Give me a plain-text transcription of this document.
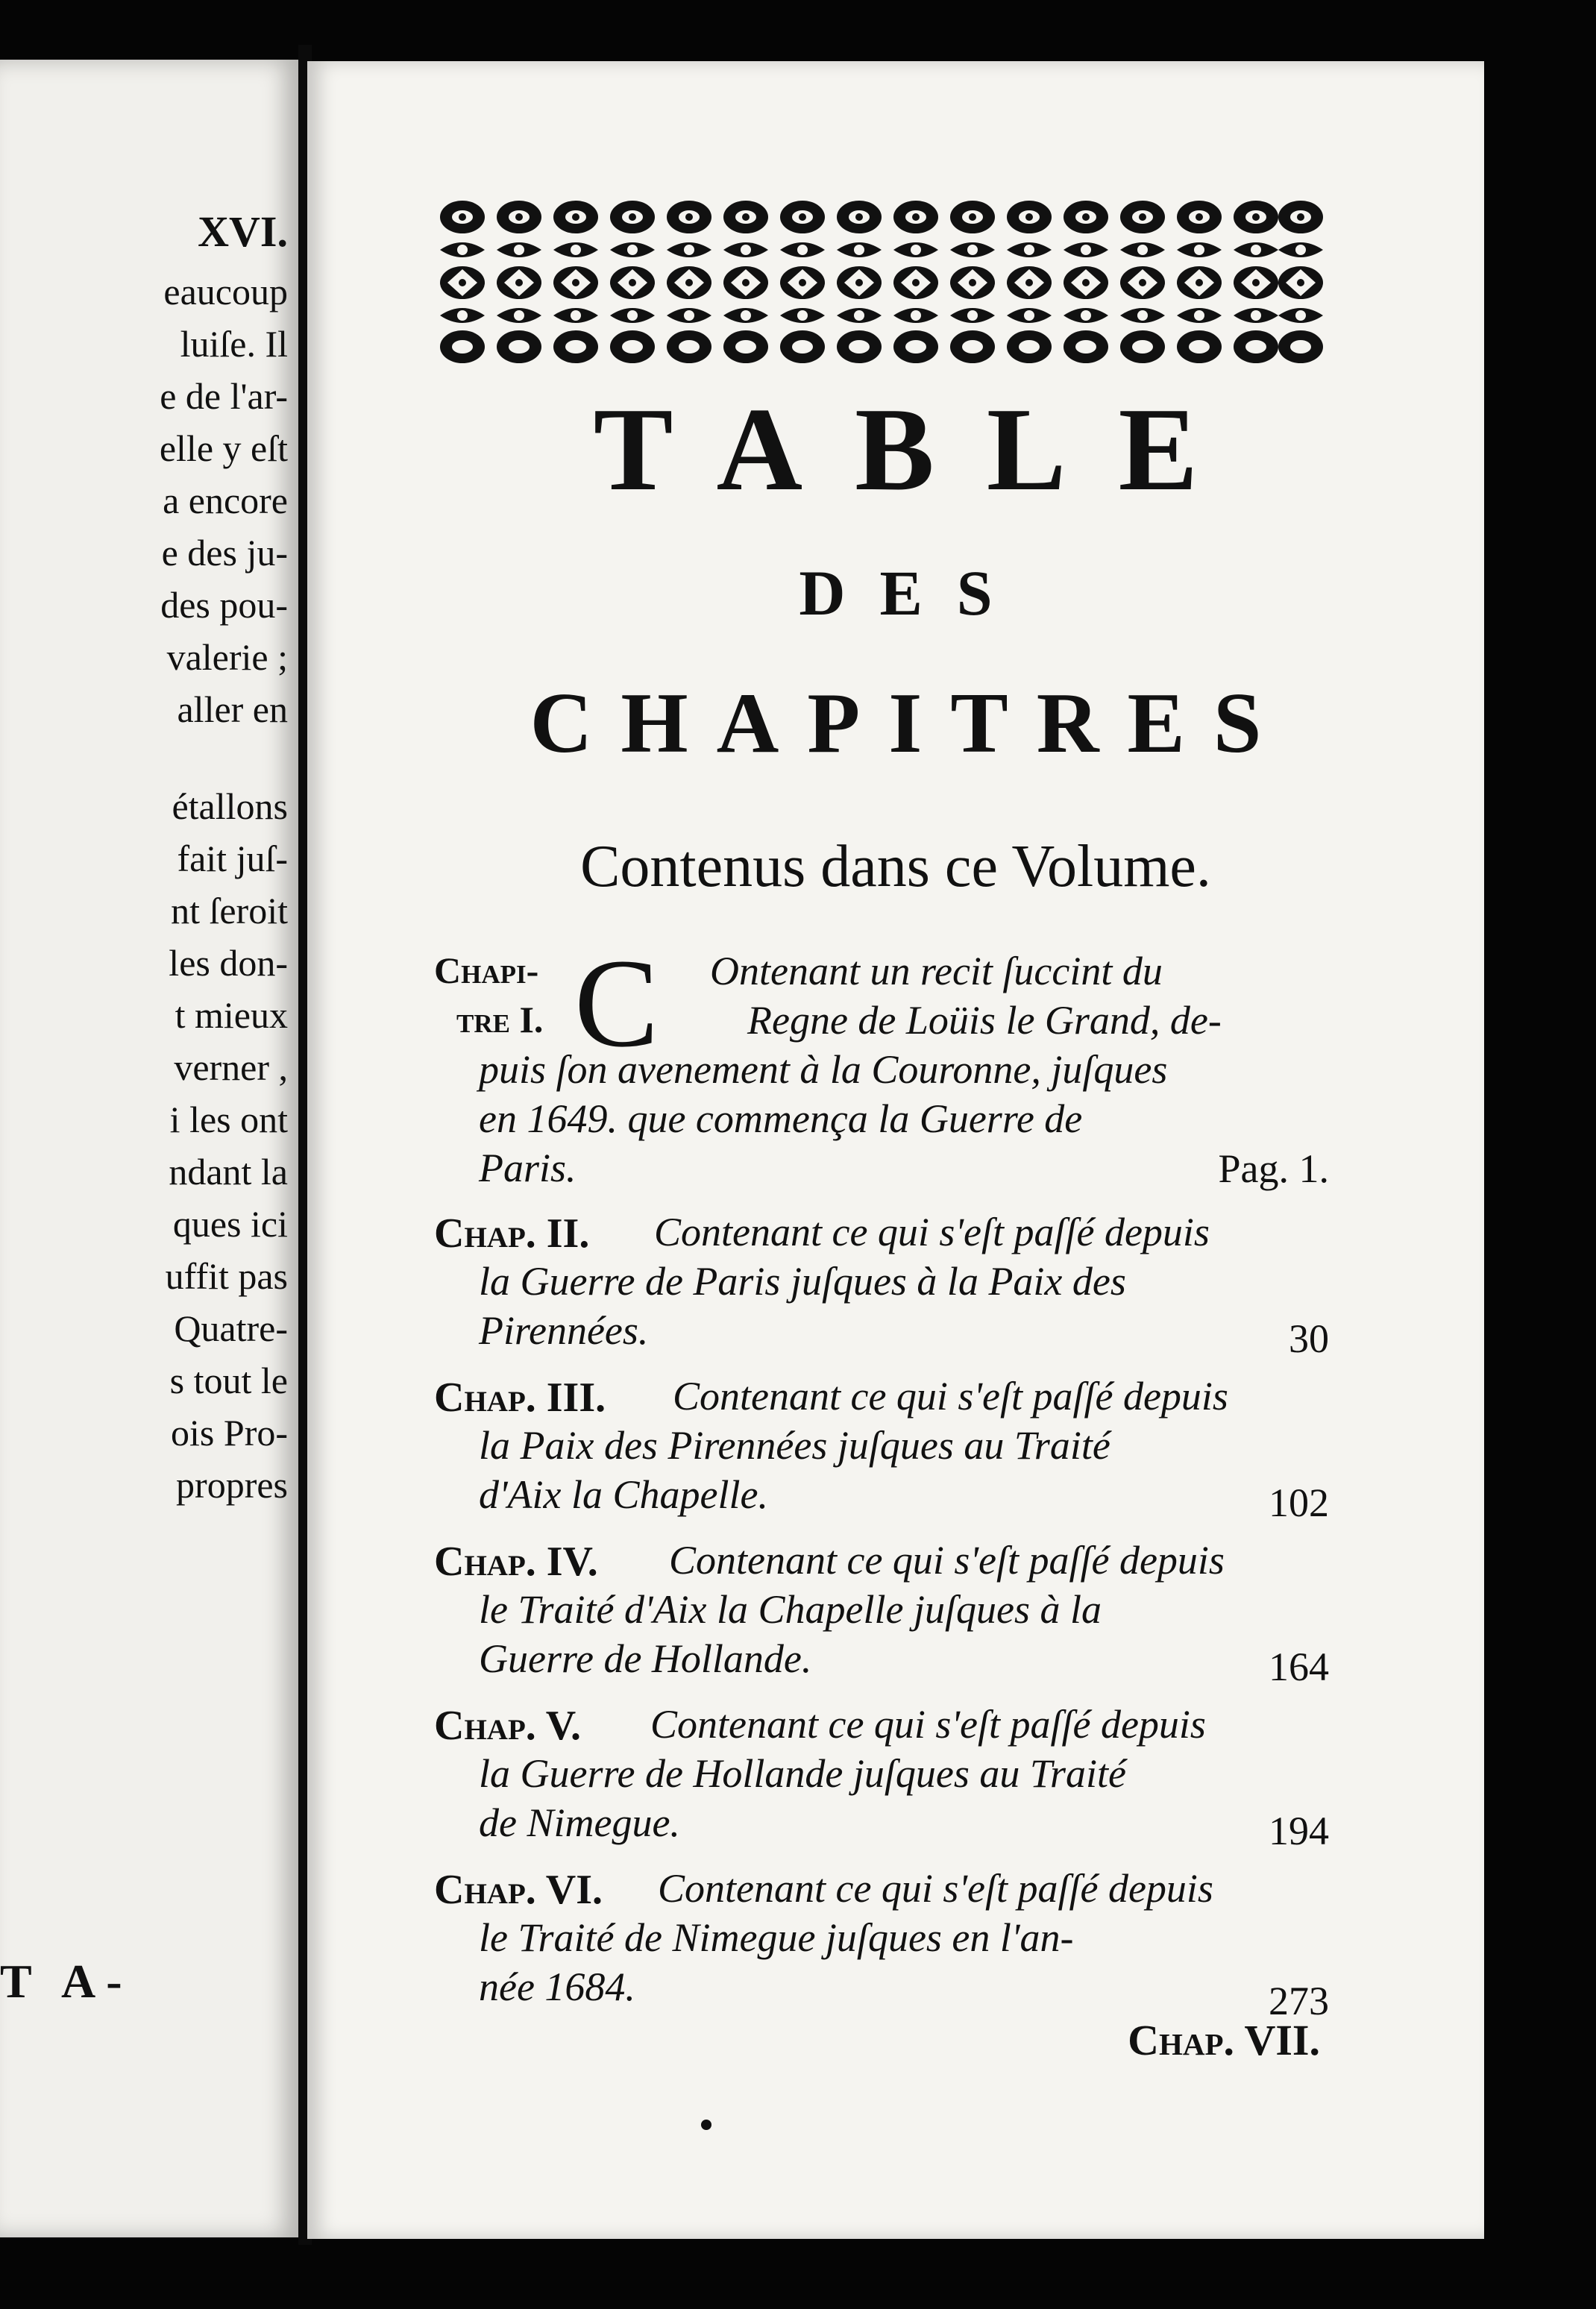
XVI.
eaucoup
luiſe. Il
e de l'ar-
elle y eſt
a encore
e des ju-
des pou-
valerie ;
aller en
étallons
fait juſ-
nt ſeroit
les don-
t mieux
verner ,
i les ont
ndant la
ques ici
uffit pas
Quatre-
s tout le
ois Pro-
propres
T A-
TABLE
DES
CHAPITRES
Contenus dans ce Volume.
Chapi-
tre I. C Ontenant un recit ſuccint du
Regne de Loüis le Grand, de-
puis ſon avenement à la Couronne, juſques
en 1649. que commença la Guerre de
Paris.	Pag. 1.
Chap. II. Contenant ce qui s'eſt paſſé depuis
la Guerre de Paris juſques à la Paix des
Pirennées.	30
Chap. III. Contenant ce qui s'eſt paſſé depuis
la Paix des Pirennées juſques au Traité
d'Aix la Chapelle.	102
Chap. IV. Contenant ce qui s'eſt paſſé depuis
le Traité d'Aix la Chapelle juſques à la
Guerre de Hollande.	164
Chap. V. Contenant ce qui s'eſt paſſé depuis
la Guerre de Hollande juſques au Traité
de Nimegue.	194
Chap. VI. Contenant ce qui s'eſt paſſé depuis
le Traité de Nimegue juſques en l'an-
née 1684.	273
Chap. VII.
